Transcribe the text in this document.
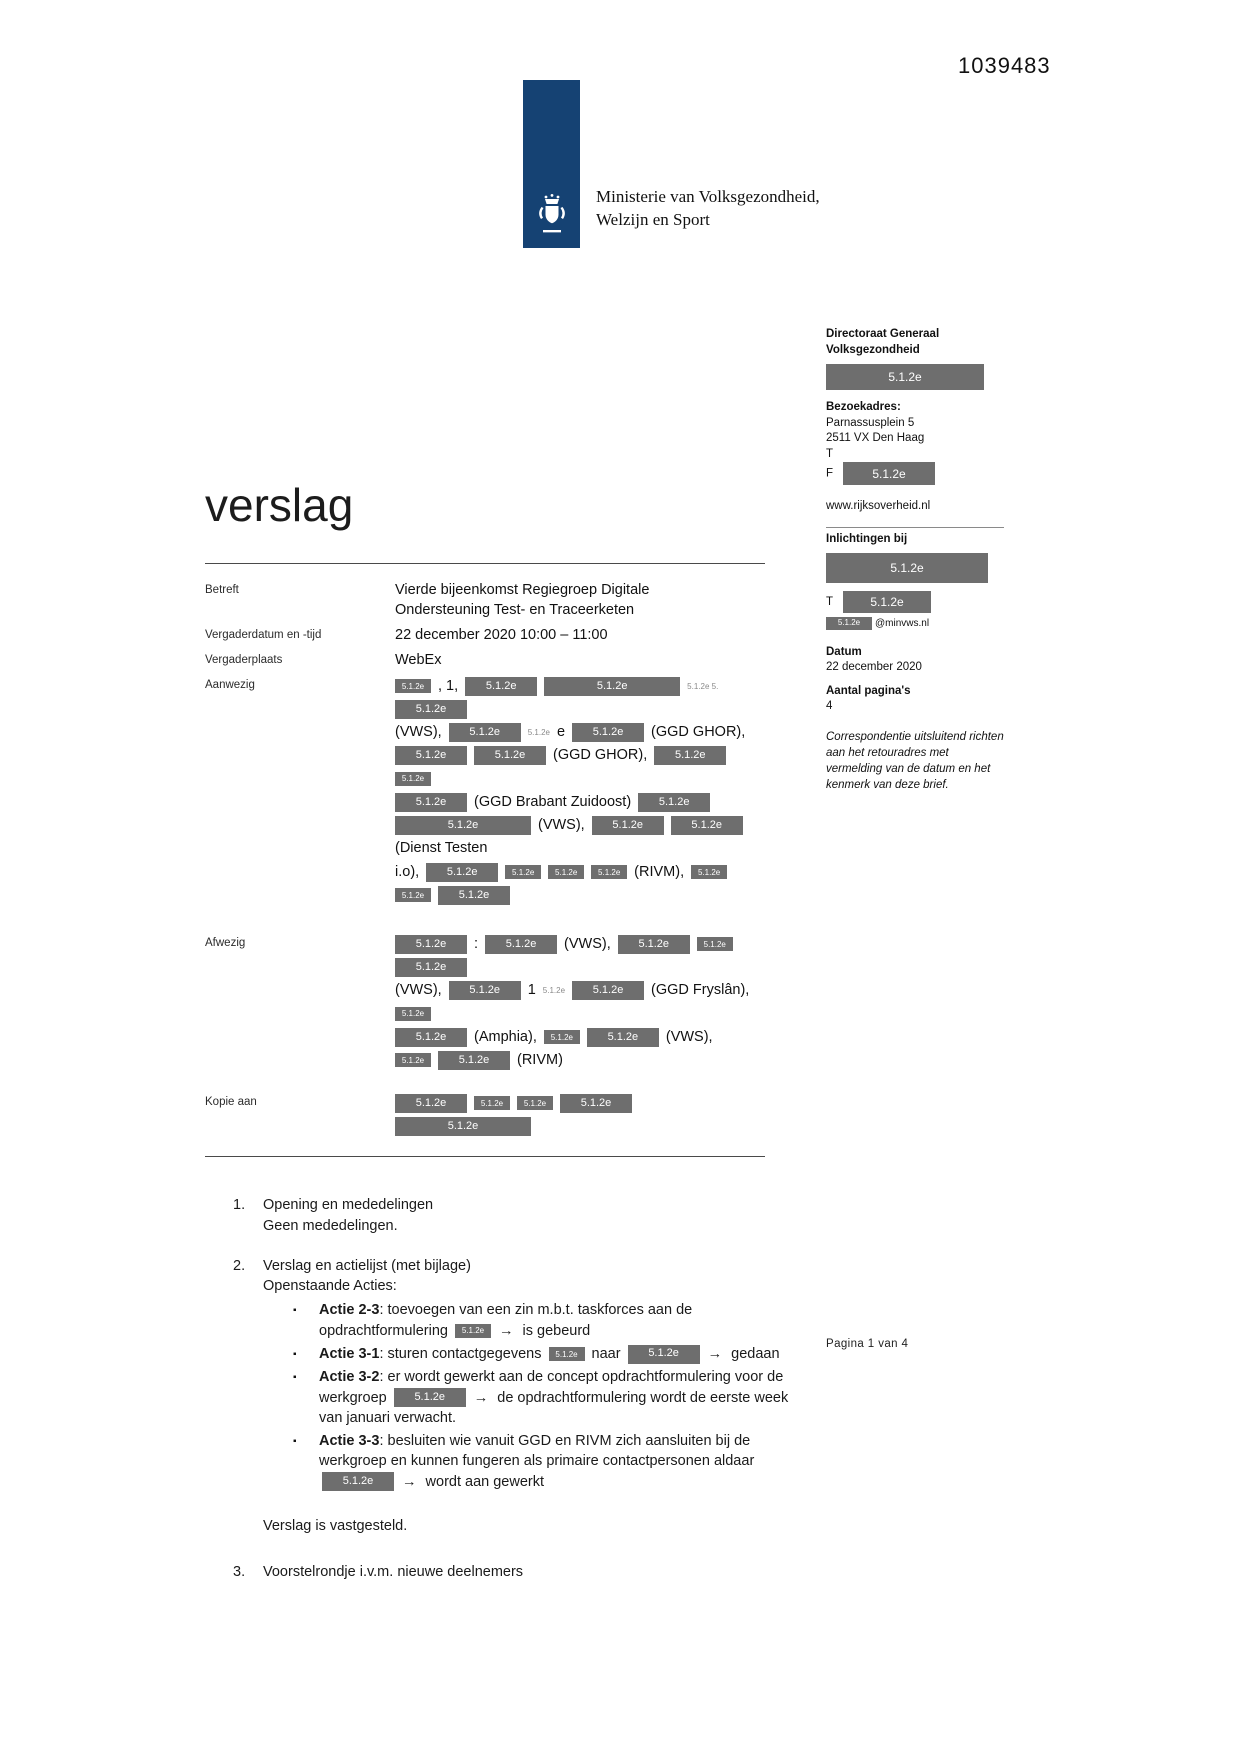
1039483
Ministerie van Volksgezondheid,
Welzijn en Sport
Directoraat Generaal
Volksgezondheid
5.1.2e
Bezoekadres:
Parnassusplein 5
2511 VX Den Haag
T
F	5.1.2e
www.rijksoverheid.nl
Inlichtingen bij
5.1.2e
T	5.1.2e
5.1.2e	@minvws.nl
Datum
22 december 2020
Aantal pagina's
4
Correspondentie uitsluitend richten aan het retouradres met vermelding van de datum en het kenmerk van deze brief.
verslag
Betreft	Vierde bijeenkomst Regiegroep Digitale
Ondersteuning Test- en Traceerketen
Vergaderdatum en -tijd	22 december 2020 10:00 – 11:00
Vergaderplaats	WebEx
Aanwezig	5.1.2e , 1,	5.1.2e	5.1.2e	5.1.2e 5.5.1.2e
(VWS),	5.1.2e	5.1.2e e	5.1.2e (GGD GHOR),
5.1.2e	5.1.2e (GGD GHOR),	5.1.2e5.1.2e
5.1.2e (GGD Brabant Zuidoost)	5.1.2e
5.1.2e	(VWS),	5.1.2e	5.1.2e(Dienst Testen
i.o),	5.1.2e	5.1.2e	5.1.2e	5.1.2e (RIVM), 5.1.2e5.1.2e	5.1.2e
Afwezig	5.1.2e :	5.1.2e (VWS),	5.1.2e	5.1.2e5.1.2e
(VWS),	5.1.2e 1 5.1.2e	5.1.2e (GGD Fryslân),5.1.2e
5.1.2e (Amphia), 5.1.2e	5.1.2e (VWS),
5.1.2e	5.1.2e (RIVM)
Kopie aan	5.1.2e	5.1.2e	5.1.2e	5.1.2e5.1.2e
1.	Opening en mededelingen
Geen mededelingen.
2.	Verslag en actielijst (met bijlage)
Openstaande Acties:
▪	Actie 2-3: toevoegen van een zin m.b.t. taskforces aan de opdrachtformulering 5.1.2e → is gebeurd
▪	Actie 3-1: sturen contactgegevens 5.1.2e naar 5.1.2e → gedaan
▪	Actie 3-2: er wordt gewerkt aan de concept opdrachtformulering voor de werkgroep 5.1.2e → de opdrachtformulering wordt de eerste week van januari verwacht.
▪	Actie 3-3: besluiten wie vanuit GGD en RIVM zich aansluiten bij de werkgroep en kunnen fungeren als primaire contactpersonen aldaar 5.1.2e → wordt aan gewerkt
Verslag is vastgesteld.
3.	Voorstelrondje i.v.m. nieuwe deelnemers
Pagina 1 van 4
